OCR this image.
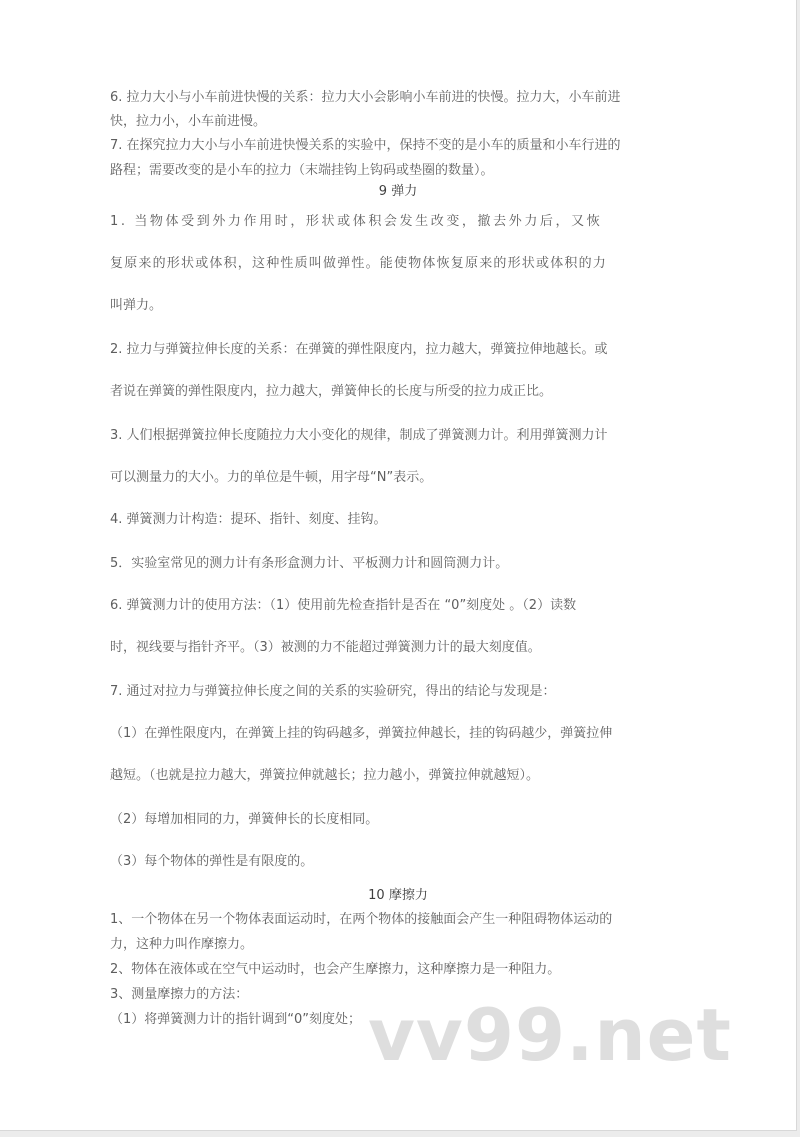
6. 拉力大小与小车前进快慢的关系：拉力大小会影响小车前进的快慢。拉力大，小车前进
快，拉力小，小车前进慢。
7. 在探究拉力大小与小车前进快慢关系的实验中，保持不变的是小车的质量和小车行进的
路程；需要改变的是小车的拉力（末端挂钩上钩码或垫圈的数量）。
9 弹力
1. 当物体受到外力作用时，形状或体积会发生改变，撤去外力后，又恢
复原来的形状或体积，这种性质叫做弹性。能使物体恢复原来的形状或体积的力
叫弹力。
2. 拉力与弹簧拉伸长度的关系：在弹簧的弹性限度内，拉力越大，弹簧拉伸地越长。或
者说在弹簧的弹性限度内，拉力越大，弹簧伸长的长度与所受的拉力成正比。
3. 人们根据弹簧拉伸长度随拉力大小变化的规律，制成了弹簧测力计。利用弹簧测力计
可以测量力的大小。力的单位是牛顿，用字母“N”表示。
4. 弹簧测力计构造：提环、指针、刻度、挂钩。
5．实验室常见的测力计有条形盒测力计、平板测力计和圆筒测力计。
6. 弹簧测力计的使用方法：（1）使用前先检查指针是否在 “0”刻度处 。（2）读数
时，视线要与指针齐平。（3）被测的力不能超过弹簧测力计的最大刻度值。
7. 通过对拉力与弹簧拉伸长度之间的关系的实验研究，得出的结论与发现是：
（1）在弹性限度内，在弹簧上挂的钩码越多，弹簧拉伸越长，挂的钩码越少，弹簧拉伸
越短。（也就是拉力越大，弹簧拉伸就越长；拉力越小，弹簧拉伸就越短）。
（2）每增加相同的力，弹簧伸长的长度相同。
（3）每个物体的弹性是有限度的。
10 摩擦力
1、一个物体在另一个物体表面运动时，在两个物体的接触面会产生一种阻碍物体运动的
力，这种力叫作摩擦力。
2、物体在液体或在空气中运动时，也会产生摩擦力，这种摩擦力是一种阻力。
3、测量摩擦力的方法：
（1）将弹簧测力计的指针调到“0”刻度处； vv99.net
